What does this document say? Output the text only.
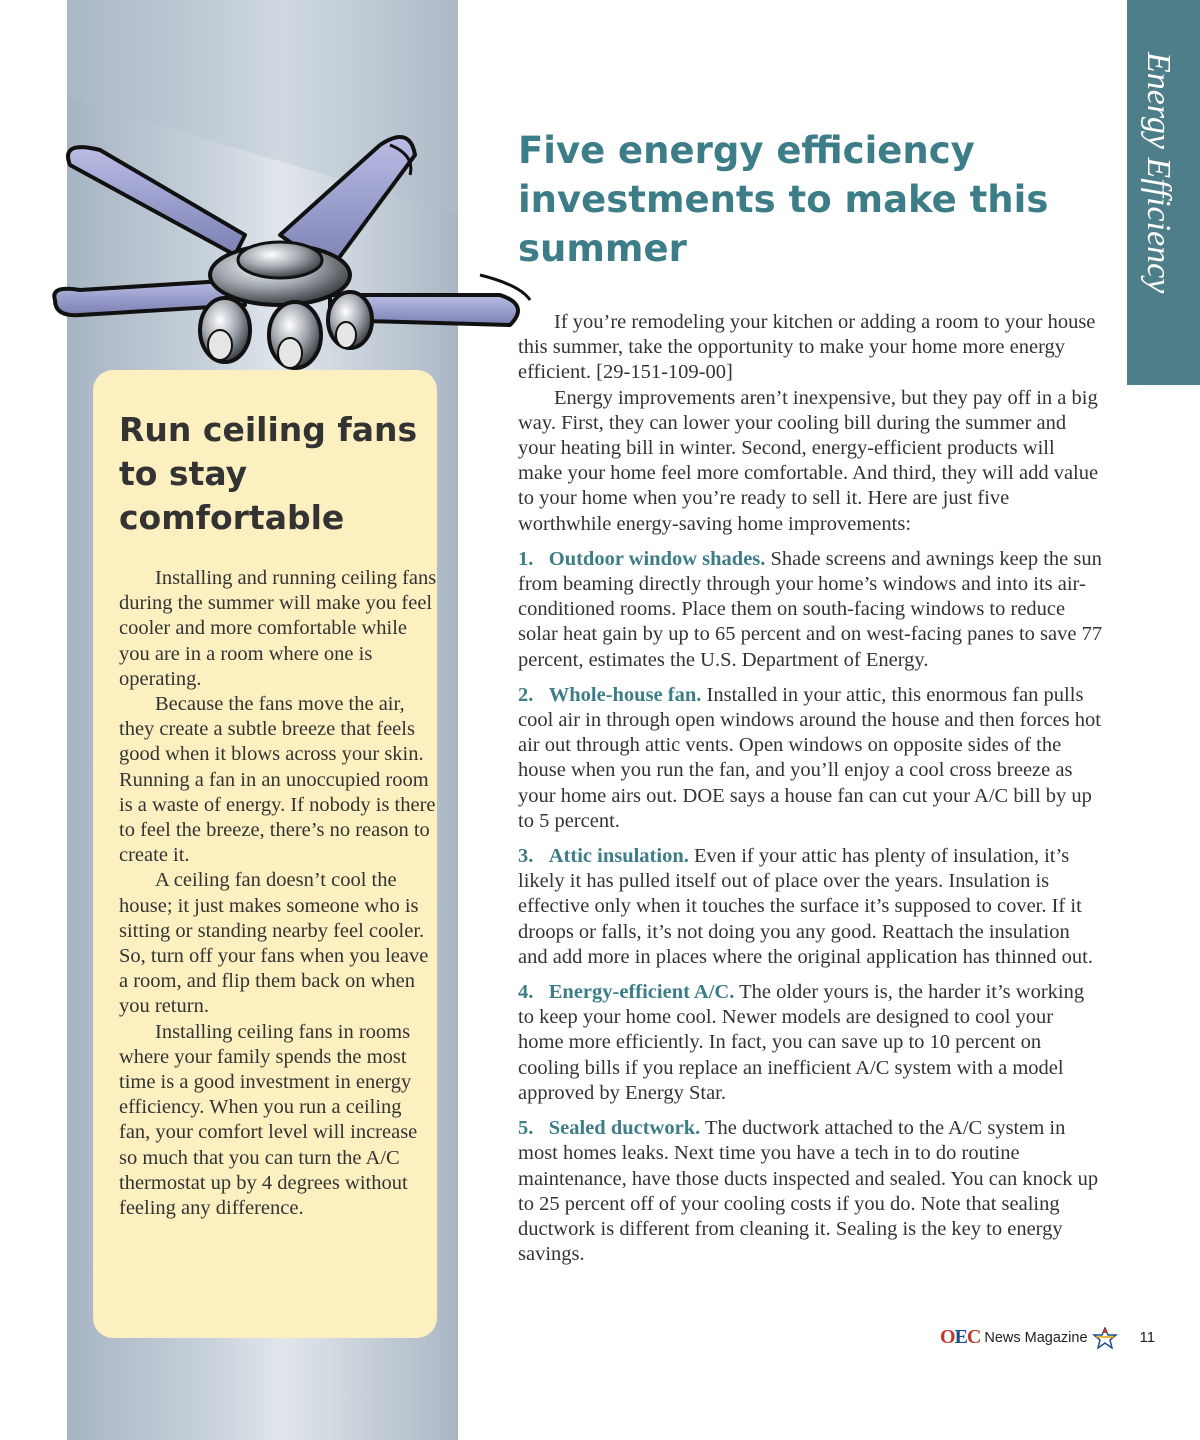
Run ceiling fans to stay comfortable

Installing and running ceiling fans during the summer will make you feel cooler and more comfortable while you are in a room where one is operating.

Because the fans move the air, they create a subtle breeze that feels good when it blows across your skin. Running a fan in an unoccupied room is a waste of energy. If nobody is there to feel the breeze, there’s no reason to create it.

A ceiling fan doesn’t cool the house; it just makes someone who is sitting or standing nearby feel cooler. So, turn off your fans when you leave a room, and flip them back on when you return.

Installing ceiling fans in rooms where your family spends the most time is a good investment in energy efficiency. When you run a ceiling fan, your comfort level will increase so much that you can turn the A/C thermostat up by 4 degrees without feeling any difference.

Energy Efficiency
Five energy efficiency investments to make this summer

If you’re remodeling your kitchen or adding a room to your house this summer, take the opportunity to make your home more energy efficient. [29-151-109-00]

Energy improvements aren’t inexpensive, but they pay off in a big way. First, they can lower your cooling bill during the summer and your heating bill in winter. Second, energy-efficient products will make your home feel more comfortable. And third, they will add value to your home when you’re ready to sell it. Here are just five worthwhile energy-saving home improvements:

1. Outdoor window shades. Shade screens and awnings keep the sun from beaming directly through your home’s windows and into its air-conditioned rooms. Place them on south-facing windows to reduce solar heat gain by up to 65 percent and on west-facing panes to save 77 percent, estimates the U.S. Department of Energy.

2. Whole-house fan. Installed in your attic, this enormous fan pulls cool air in through open windows around the house and then forces hot air out through attic vents. Open windows on opposite sides of the house when you run the fan, and you’ll enjoy a cool cross breeze as your home airs out. DOE says a house fan can cut your A/C bill by up to 5 percent.

3. Attic insulation. Even if your attic has plenty of insulation, it’s likely it has pulled itself out of place over the years. Insulation is effective only when it touches the surface it’s supposed to cover. If it droops or falls, it’s not doing you any good. Reattach the insulation and add more in places where the original application has thinned out.

4. Energy-efficient A/C. The older yours is, the harder it’s working to keep your home cool. Newer models are designed to cool your home more efficiently. In fact, you can save up to 10 percent on cooling bills if you replace an inefficient A/C system with a model approved by Energy Star.

5. Sealed ductwork. The ductwork attached to the A/C system in most homes leaks. Next time you have a tech in to do routine maintenance, have those ducts inspected and sealed. You can knock up to 25 percent off of your cooling costs if you do. Note that sealing ductwork is different from cleaning it. Sealing is the key to energy savings.

OEC News Magazine	11
